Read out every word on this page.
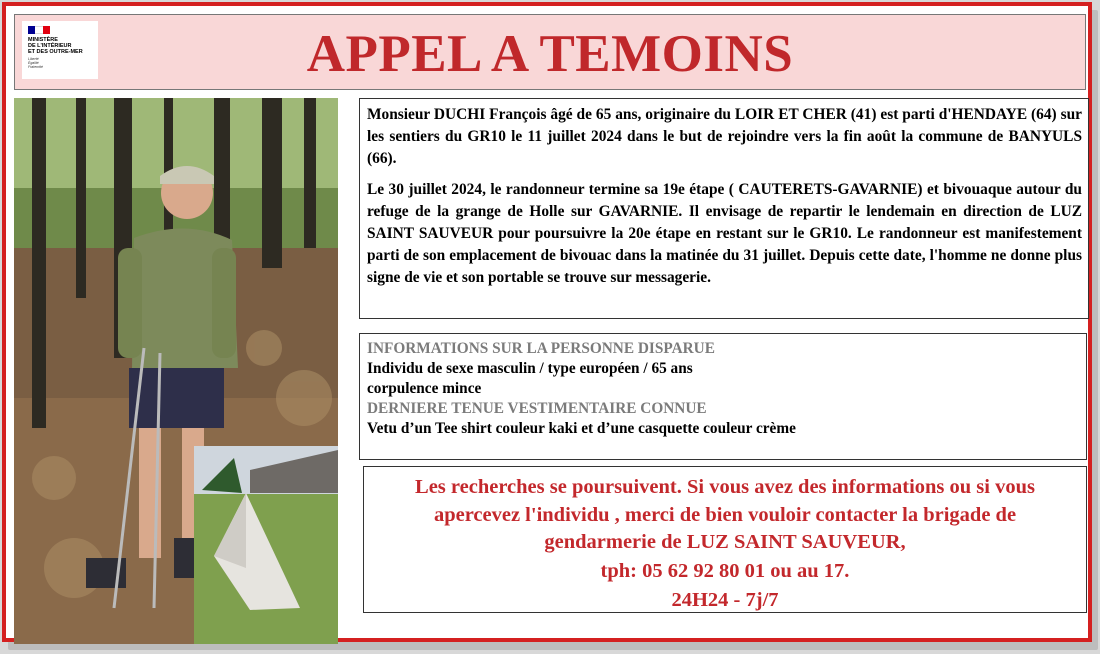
MINISTÈRE
DE L'INTÉRIEUR
ET DES OUTRE-MER
Liberté
Égalité
Fraternité	APPEL A TEMOINS

Monsieur DUCHI François âgé de 65 ans, originaire du LOIR ET CHER (41) est parti d'HENDAYE (64) sur les sentiers du GR10 le 11 juillet 2024 dans le but de rejoindre vers la fin août la commune de BANYULS (66).

Le 30 juillet 2024, le randonneur termine sa 19e étape ( CAUTERETS-GAVARNIE) et bivouaque autour du refuge de la grange de Holle sur GAVARNIE. Il envisage de repartir le lendemain en direction de LUZ SAINT SAUVEUR pour poursuivre la 20e étape en restant sur le GR10. Le randonneur est manifestement parti de son emplacement de bivouac dans la matinée du 31 juillet. Depuis cette date, l'homme ne donne plus signe de vie et son portable se trouve sur messagerie.

INFORMATIONS SUR LA PERSONNE DISPARUE
Individu de sexe masculin / type européen / 65 ans
corpulence mince
DERNIERE TENUE VESTIMENTAIRE CONNUE
Vetu d’un Tee shirt couleur kaki et d’une casquette couleur crème
Les recherches se poursuivent. Si vous avez des informations ou si vous
apercevez l'individu , merci de bien vouloir contacter la brigade de
gendarmerie de LUZ SAINT SAUVEUR,
tph: 05 62 92 80 01 ou au 17.
24H24 - 7j/7
